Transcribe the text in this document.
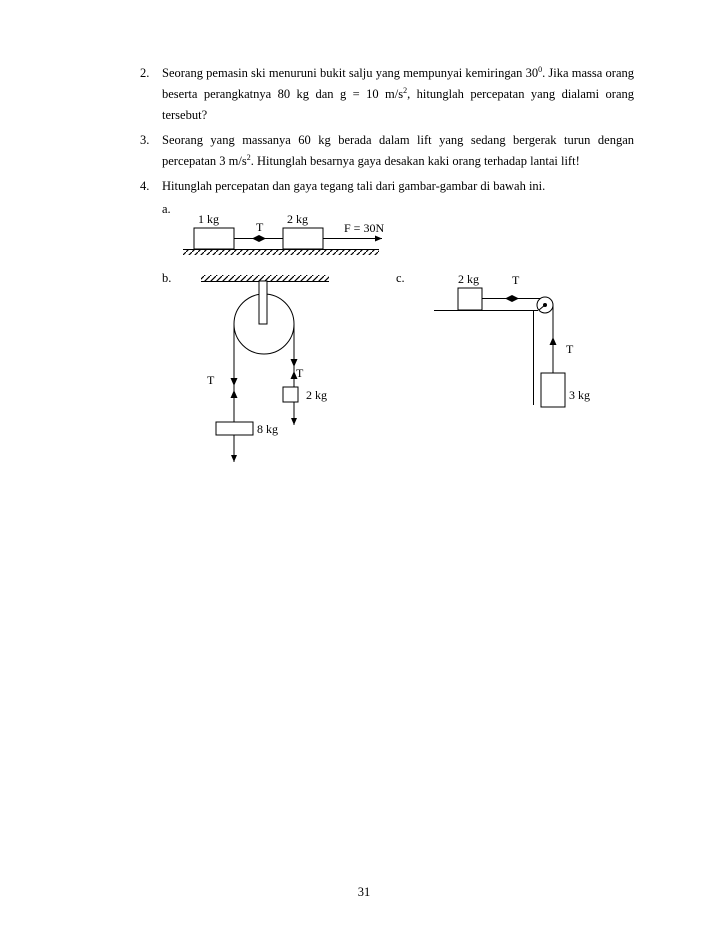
2. Seorang pemasin ski menuruni bukit salju yang mempunyai kemiringan $30^0$. Jika massa orang beserta perangkatnya 80 kg dan g = 10 $m/s^2$, hitunglah percepatan yang dialami orang tersebut?
3. Seorang yang massanya 60 kg berada dalam lift yang sedang bergerak turun dengan percepatan 3 $m/s^2$. Hitunglah besarnya gaya desakan kaki orang terhadap lantai lift!
4. Hitunglah percepatan dan gaya tegang tali dari gambar-gambar di bawah ini.
a.
b.	c.
1 kg	2 kg
T	F = 30N
T	T
2 kg
8 kg
2 kg	T
T
3 kg
31
